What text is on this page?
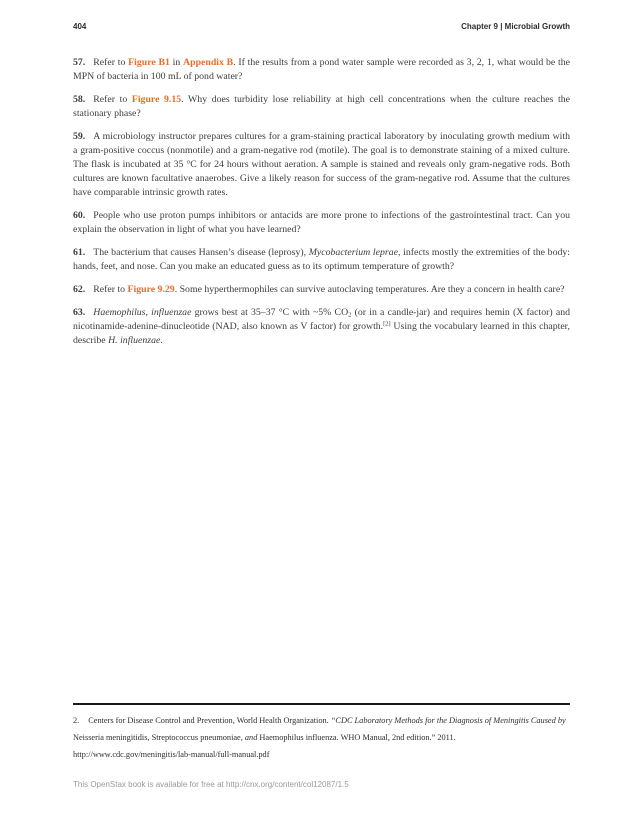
404	Chapter 9 | Microbial Growth

57. Refer to Figure B1 in Appendix B. If the results from a pond water sample were recorded as 3, 2, 1, what would be the MPN of bacteria in 100 mL of pond water?

58. Refer to Figure 9.15. Why does turbidity lose reliability at high cell concentrations when the culture reaches the stationary phase?

59. A microbiology instructor prepares cultures for a gram-staining practical laboratory by inoculating growth medium with a gram-positive coccus (nonmotile) and a gram-negative rod (motile). The goal is to demonstrate staining of a mixed culture. The flask is incubated at 35 °C for 24 hours without aeration. A sample is stained and reveals only gram-negative rods. Both cultures are known facultative anaerobes. Give a likely reason for success of the gram-negative rod. Assume that the cultures have comparable intrinsic growth rates.

60. People who use proton pumps inhibitors or antacids are more prone to infections of the gastrointestinal tract. Can you explain the observation in light of what you have learned?

61. The bacterium that causes Hansen’s disease (leprosy), Mycobacterium leprae, infects mostly the extremities of the body: hands, feet, and nose. Can you make an educated guess as to its optimum temperature of growth?

62. Refer to Figure 9.29. Some hyperthermophiles can survive autoclaving temperatures. Are they a concern in health care?

63. Haemophilus, influenzae grows best at 35–37 °C with ~5% $CO_2$ (or in a candle-jar) and requires hemin (X factor) and nicotinamide-adenine-dinucleotide (NAD, also known as V factor) for growth.[2] Using the vocabulary learned in this chapter, describe H. influenzae.

2. Centers for Disease Control and Prevention, World Health Organization. “CDC Laboratory Methods for the Diagnosis of Meningitis Caused by Neisseria meningitidis, Streptococcus pneumoniae, and Haemophilus influenza. WHO Manual, 2nd edition.” 2011. http://www.cdc.gov/meningitis/lab-manual/full-manual.pdf
This OpenStax book is available for free at http://cnx.org/content/col12087/1.5
